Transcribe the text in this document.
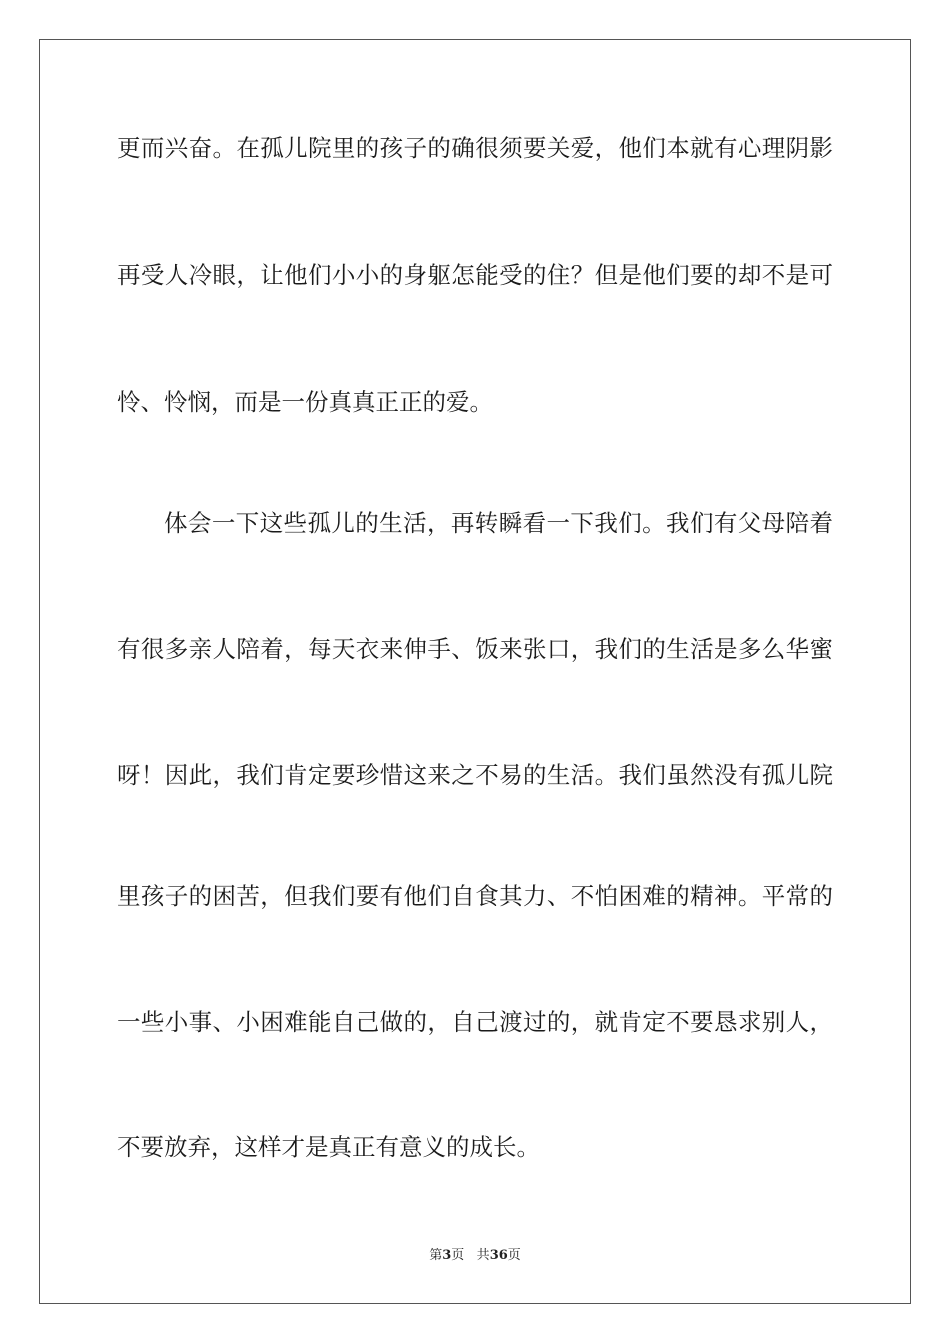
更而兴奋。在孤儿院里的孩子的确很须要关爱，他们本就有心理阴影
再受人冷眼，让他们小小的身躯怎能受的住？但是他们要的却不是可
怜、怜悯，而是一份真真正正的爱。
体会一下这些孤儿的生活，再转瞬看一下我们。我们有父母陪着
有很多亲人陪着，每天衣来伸手、饭来张口，我们的生活是多么华蜜
呀！因此，我们肯定要珍惜这来之不易的生活。我们虽然没有孤儿院
里孩子的困苦，但我们要有他们自食其力、不怕困难的精神。平常的
一些小事、小困难能自己做的，自己渡过的，就肯定不要恳求别人，
不要放弃，这样才是真正有意义的成长。
第3页 共36页
